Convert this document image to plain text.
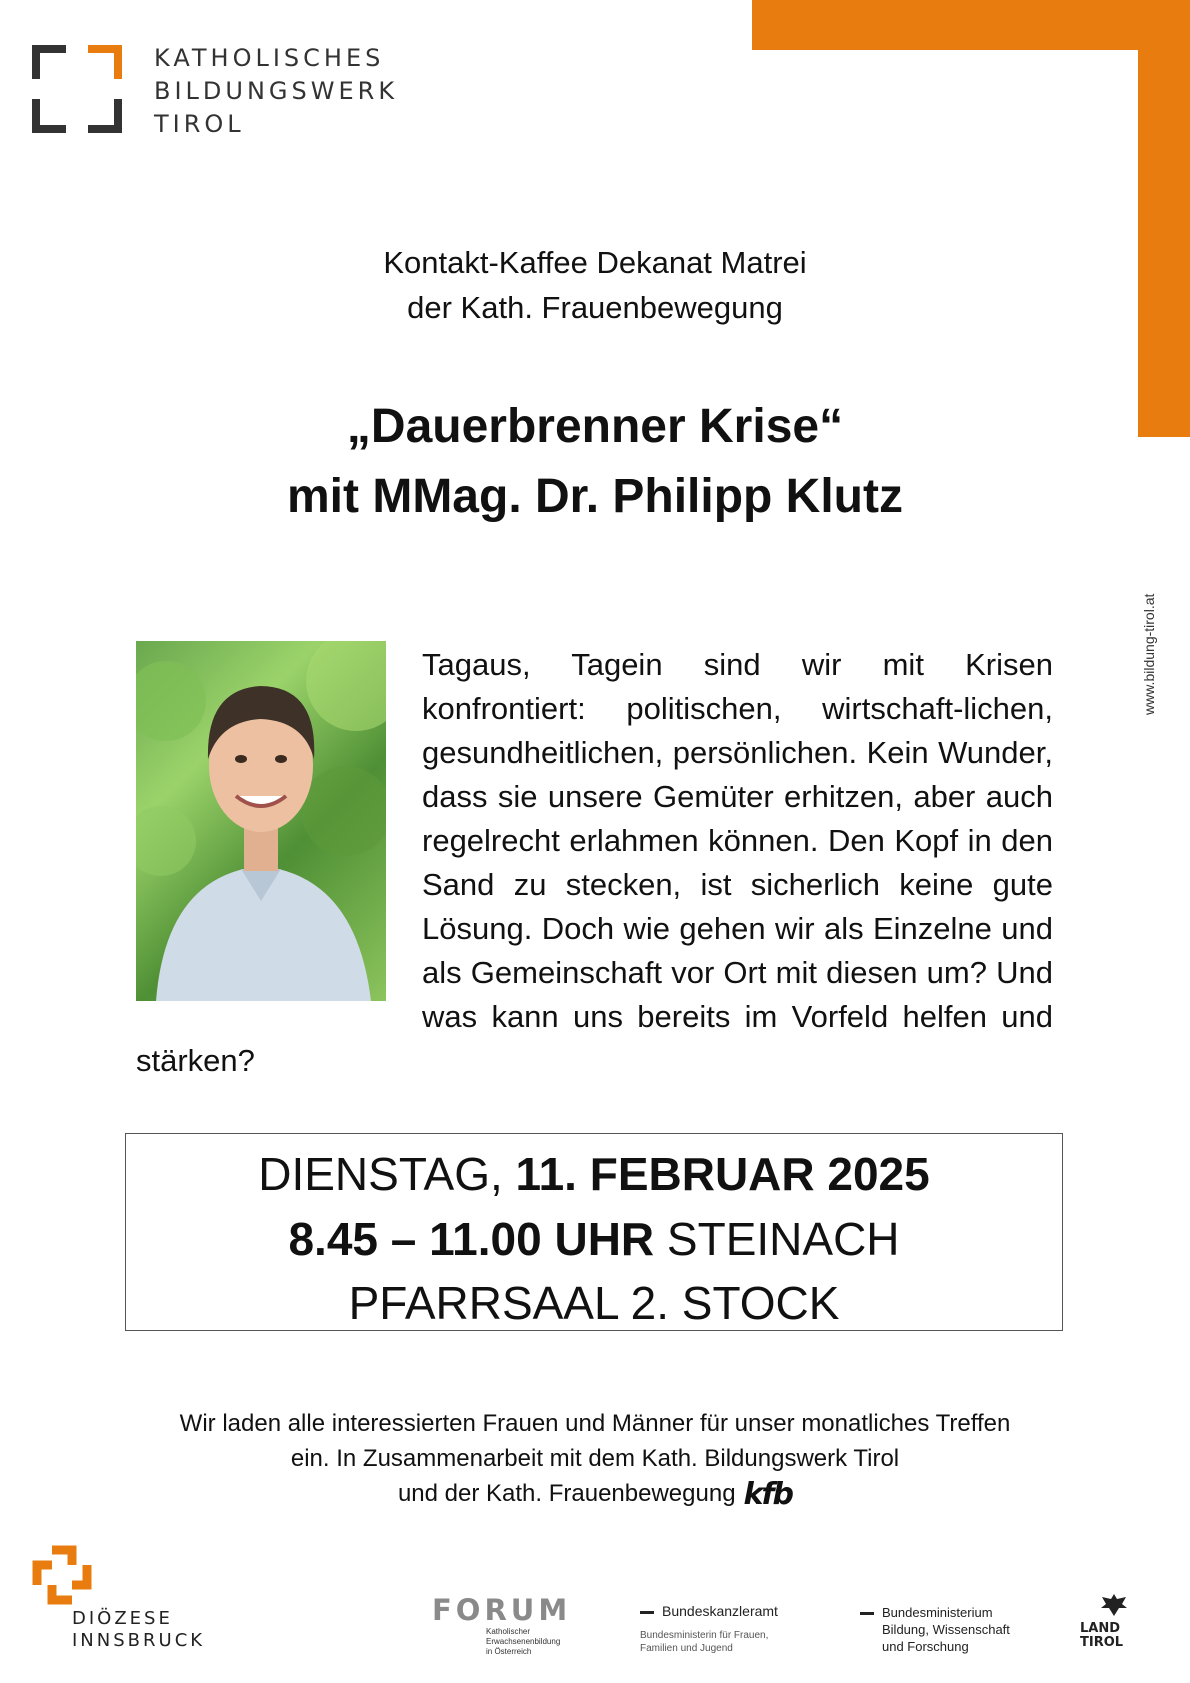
KATHOLISCHES
BILDUNGSWERK
TIROL
www.bildung-tirol.at
Kontakt-Kaffee Dekanat Matrei
der Kath. Frauenbewegung
„Dauerbrenner Krise“
mit MMag. Dr. Philipp Klutz
Tagaus, Tagein sind wir mit Krisen konfrontiert: politischen, wirtschaft-lichen, gesundheitlichen, persönlichen. Kein Wunder, dass sie unsere Gemüter erhitzen, aber auch regelrecht erlahmen können. Den Kopf in den Sand zu stecken, ist sicherlich keine gute Lösung. Doch wie gehen wir als Einzelne und als Gemeinschaft vor Ort mit diesen um? Und was kann uns bereits im Vorfeld helfen und stärken?
DIENSTAG, 11. FEBRUAR 2025
8.45 – 11.00 UHR STEINACH
PFARRSAAL 2. STOCK
Wir laden alle interessierten Frauen und Männer für unser monatliches Treffen
ein. In Zusammenarbeit mit dem Kath. Bildungswerk Tirol
und der Kath. Frauenbewegung kfb
DIÖZESE
INNSBRUCK
FORUM
Katholischer
Erwachsenenbildung
in Österreich
Bundeskanzleramt
Bundesministerin für Frauen,
Familien und Jugend
Bundesministerium
Bildung, Wissenschaft
und Forschung
LAND
TIROL
